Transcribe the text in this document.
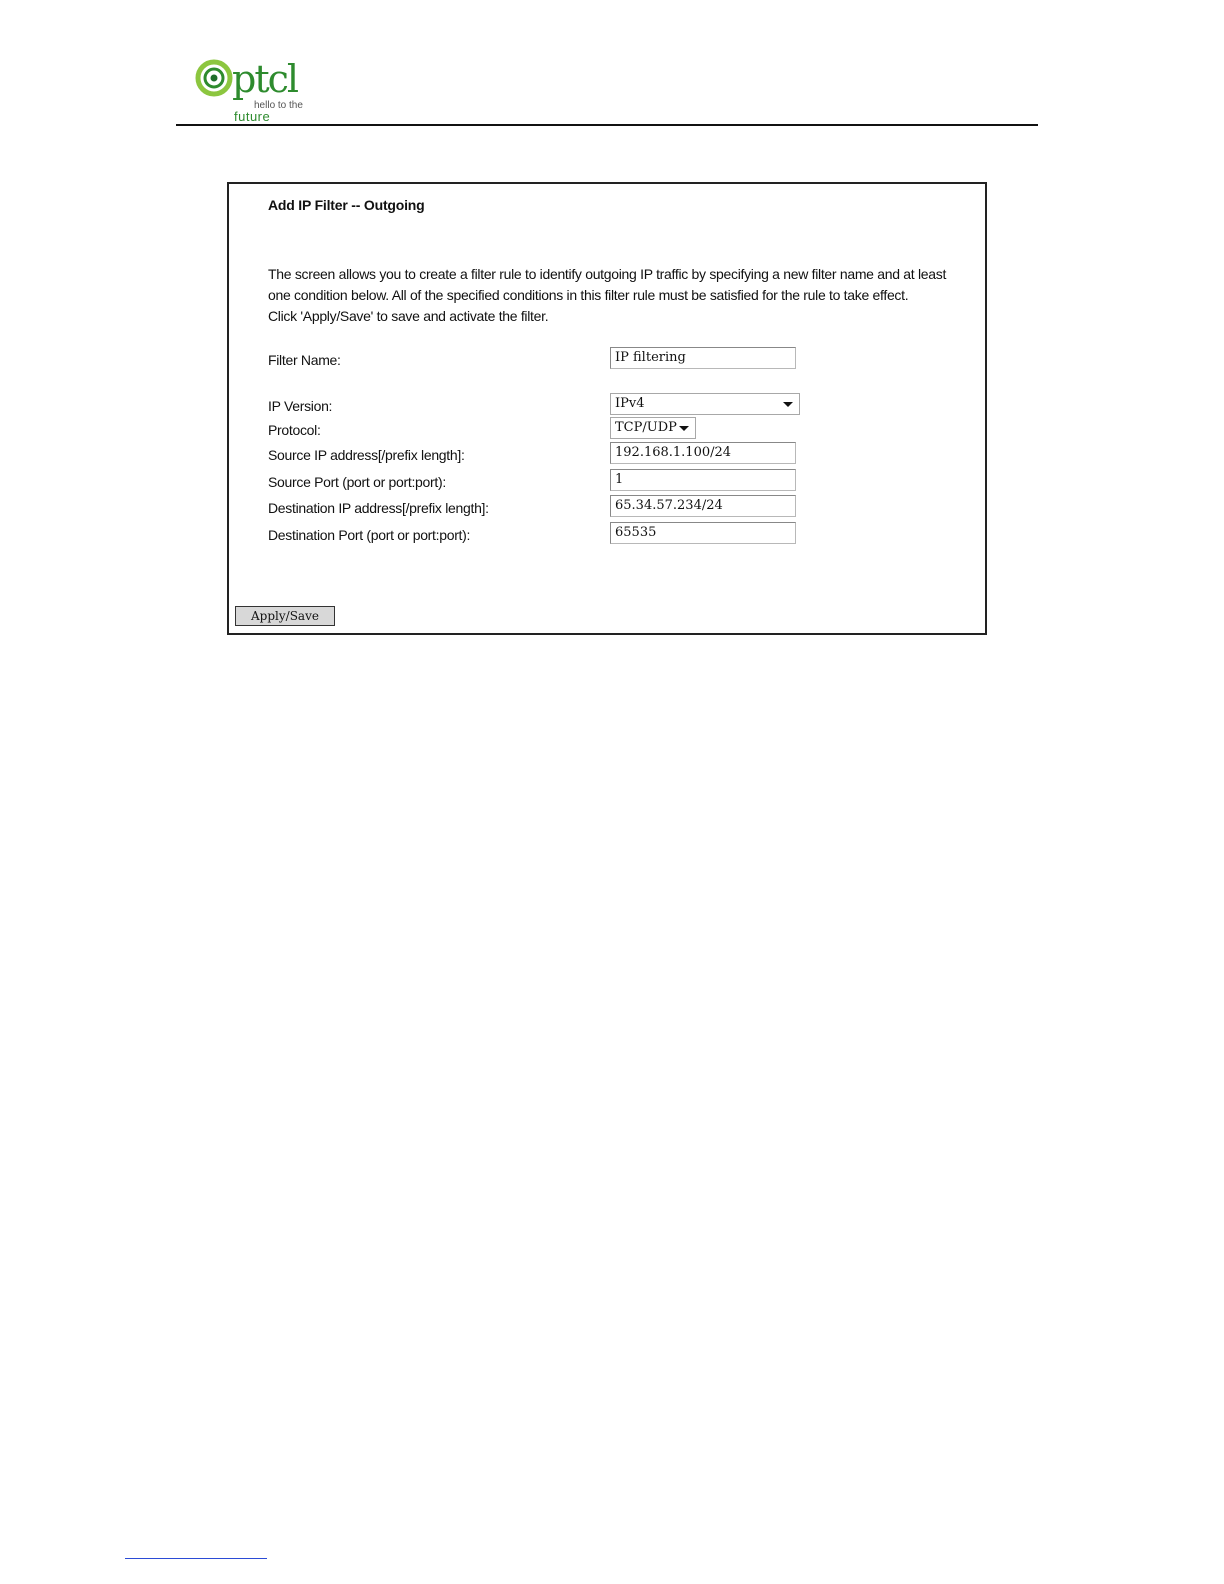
ptcl
hello to the
future
Add IP Filter -- Outgoing
The screen allows you to create a filter rule to identify outgoing IP traffic by specifying a new filter name and at least
one condition below. All of the specified conditions in this filter rule must be satisfied for the rule to take effect.
Click 'Apply/Save' to save and activate the filter.
Filter Name:	IP filtering
IP Version:	IPv4
Protocol:	TCP/UDP
Source IP address[/prefix length]:	192.168.1.100/24
Source Port (port or port:port):	1
Destination IP address[/prefix length]:	65.34.57.234/24
Destination Port (port or port:port):	65535
Apply/Save
